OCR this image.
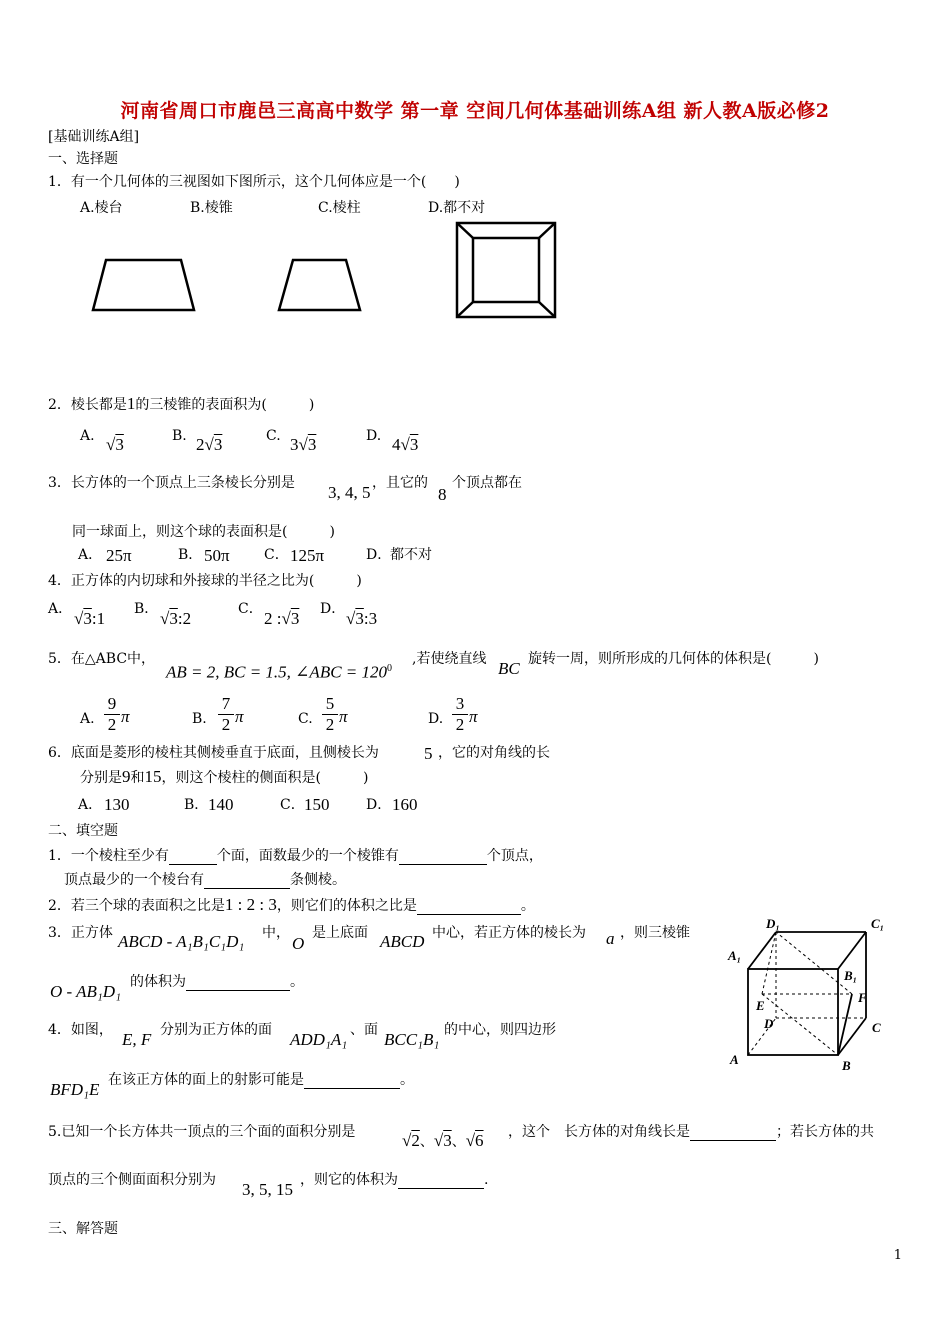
河南省周口市鹿邑三高高中数学 第一章 空间几何体基础训练A组 新人教A版必修2
[基础训练A组]
一、选择题
1．有一个几何体的三视图如下图所示，这个几何体应是一个(　　)
A.棱台	B.棱锥	C.棱柱	D.都不对
2．棱长都是1的三棱锥的表面积为(　　　)
A. √3	B. 2√3	C. 3√3	D. 4√3
3．长方体的一个顶点上三条棱长分别是 3, 4, 5 ，且它的
8
个顶点都在
同一球面上，则这个球的表面积是(　　　)
A． 25π	B． 50π C． 125π	D．
都不对
4．正方体的内切球和外接球的半径之比为(　　　)
A． √3:1 B． √3:2	C． 2 :√3 D． √3:3
5．在△ABC中，
AB = 2, BC = 1.5, ∠ABC = $120^0$
,若使绕直线 BC 旋转一周，则所形成的几何体的体积是(　　　)
A.
9
2 π	B.
7
2 π	C.
5
2 π	D.
3
2 π
6．底面是菱形的棱柱其侧棱垂直于底面，且侧棱长为	5 ，它的对角线的长
分别是9和15，则这个棱柱的侧面积是(　　　)
A． 130	B． 140	C． 150	D． 160
二、填空题
1．一个棱柱至少有	个面，面数最少的一个棱锥有	个顶点，
顶点最少的一个棱台有	条侧棱。
2．若三个球的表面积之比是1 : 2 : 3，则它们的体积之比是	。
3．正方体 ABCD - A₁B₁C₁D₁ 中，
O
是上底面 ABCD 中心，若正方体的棱长为 a ，则三棱锥
O - AB₁D₁ 的体积为	。
4．如图， E, F 分别为正方体的面 ADD₁A₁ 、面 BCC₁B₁ 的中心，则四边形
BFD₁E 在该正方体的面上的射影可能是	。
5.已知一个长方体共一顶点的三个面的面积分别是	√2、√3、√6 ，这个　长方体的对角线长是	；若长方体的共
顶点的三个侧面面积分别为 3, 5, 15 ，则它的体积为	.
三、解答题
D₁	C₁
A₁
B₁
E
F
D	C
A	B
1
